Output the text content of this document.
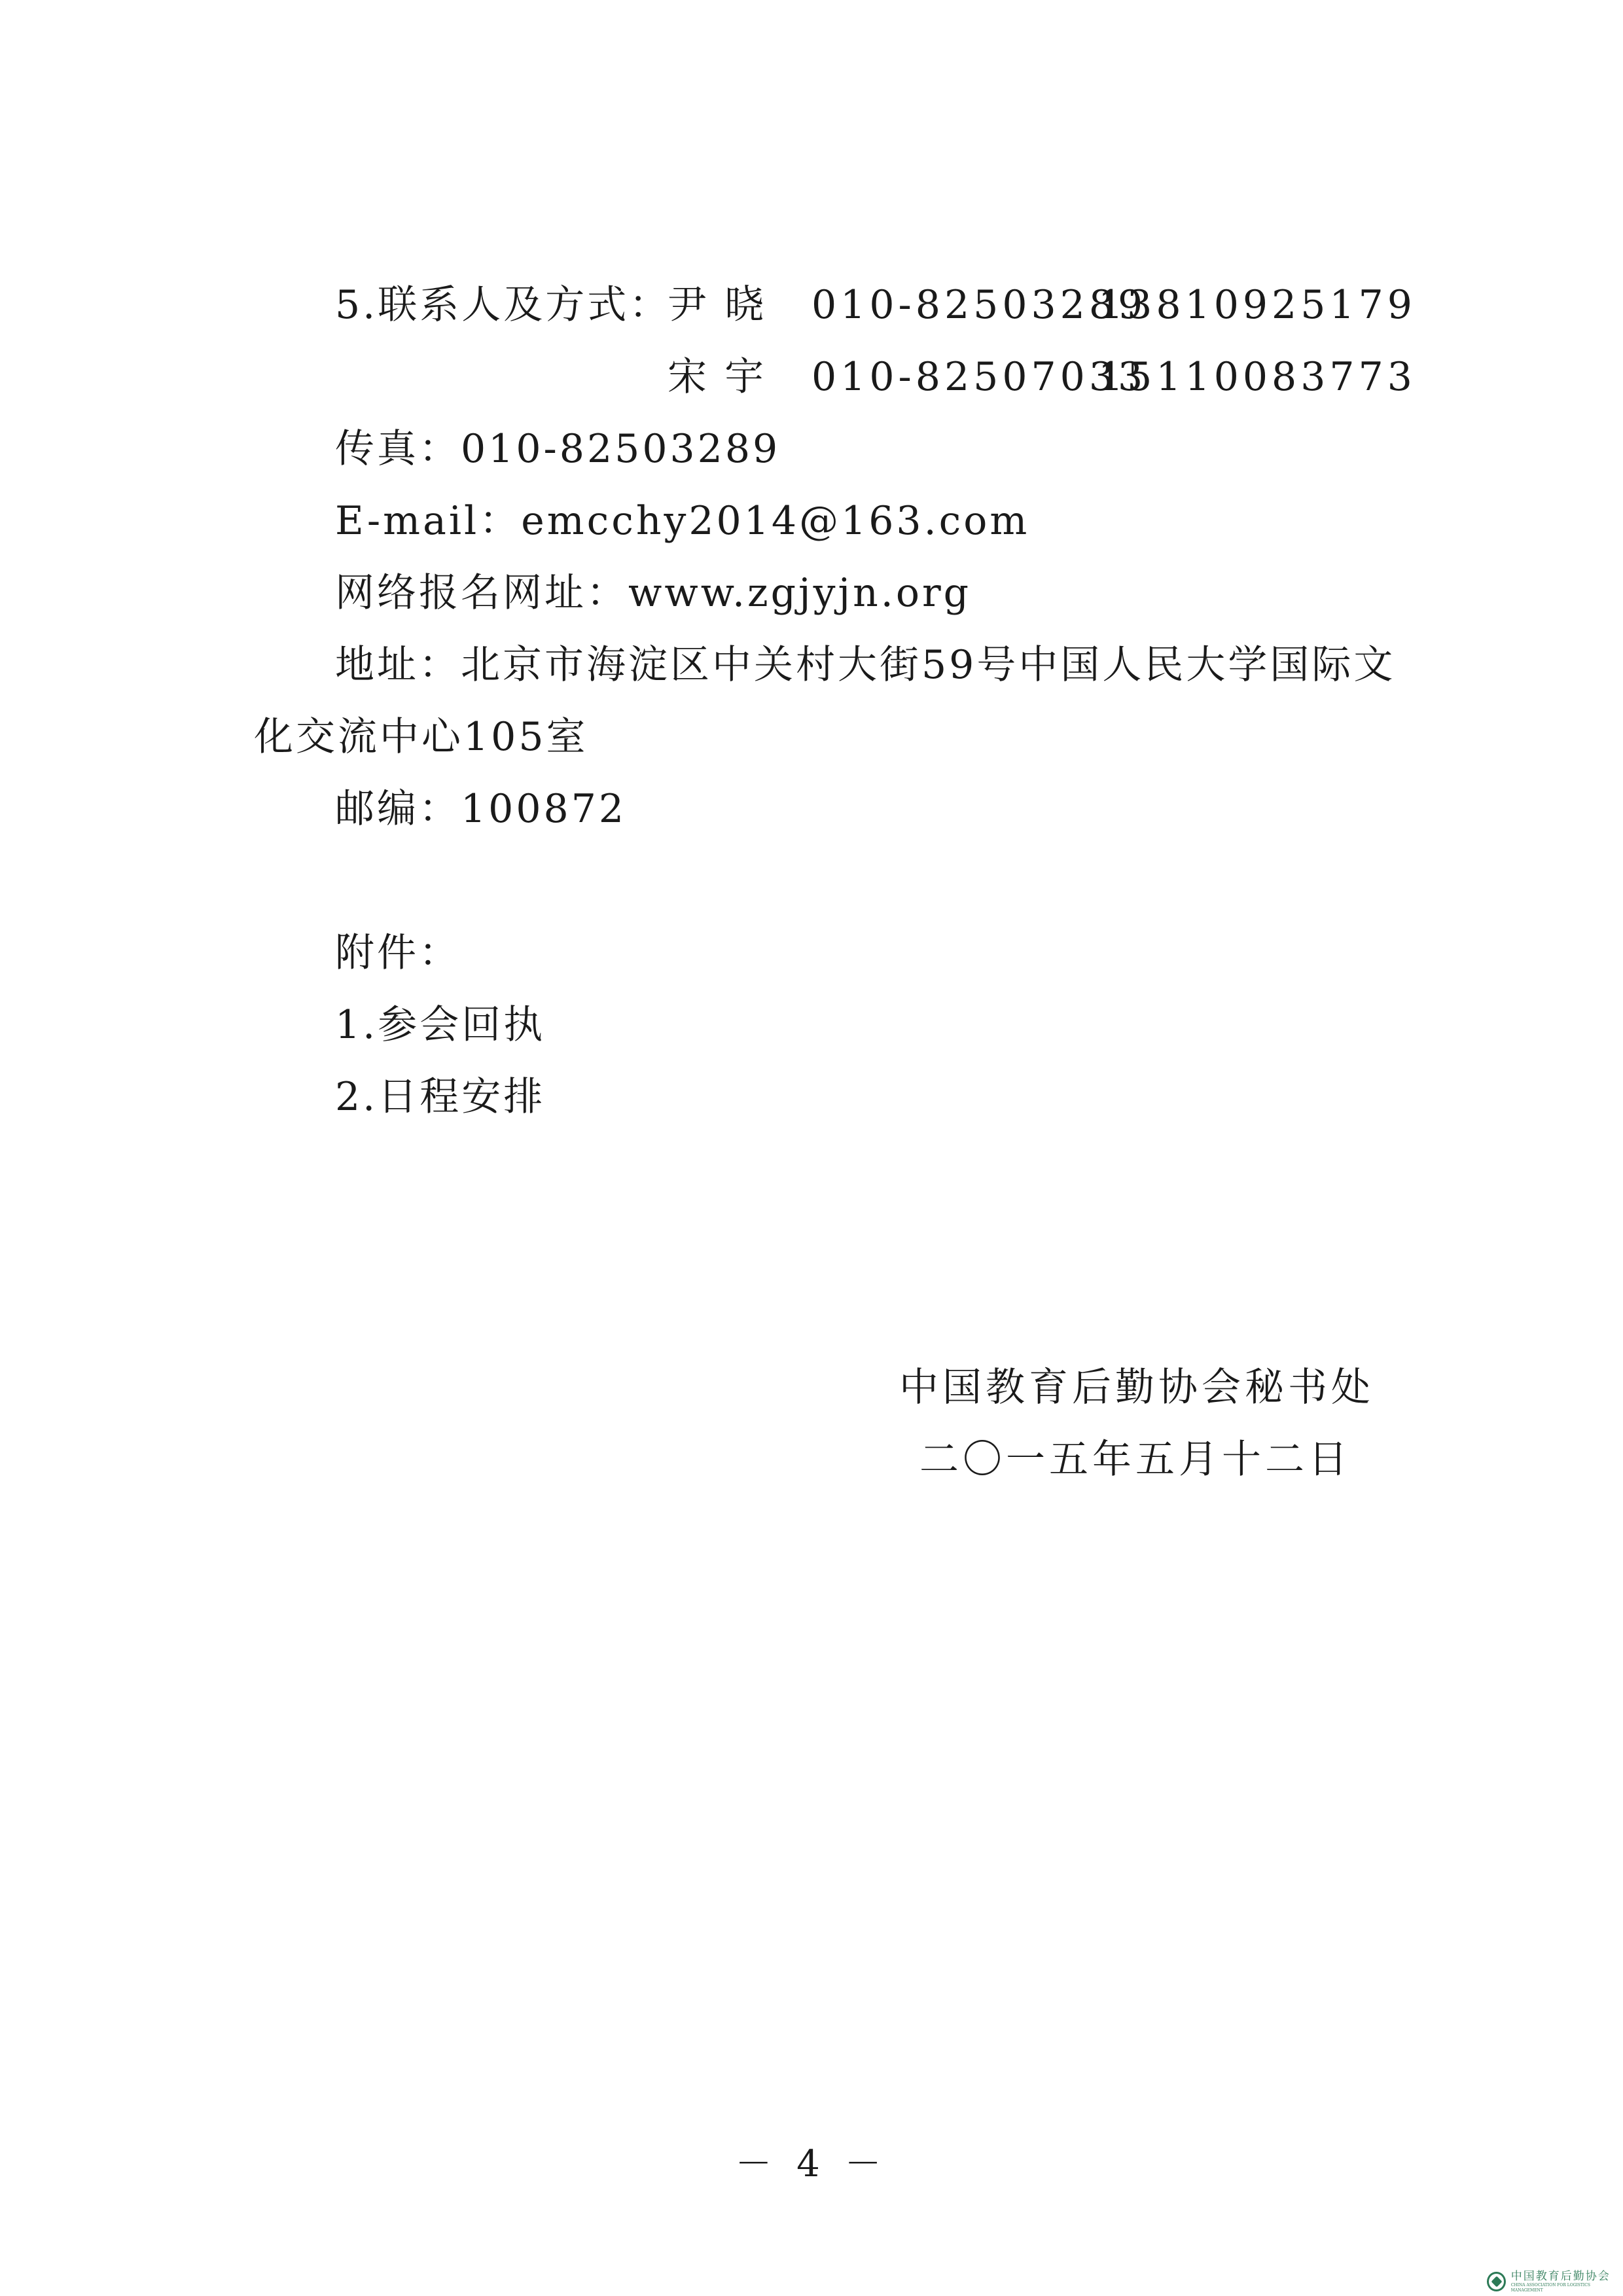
5.联系人及方式：
尹 晓 010-82503289
13810925179
宋 宇 010-82507033
15110083773
传真：010-82503289
E-mail：emcchy2014@163.com
网络报名网址：www.zgjyjn.org
地址：北京市海淀区中关村大街59号中国人民大学国际文
化交流中心105室
邮编：100872
附件：
1.参会回执
2.日程安排
中国教育后勤协会秘书处
二〇一五年五月十二日
－ 4 －
中国教育后勤协会
CHINA ASSOCIATION FOR LOGISTICS MANAGEMENT
